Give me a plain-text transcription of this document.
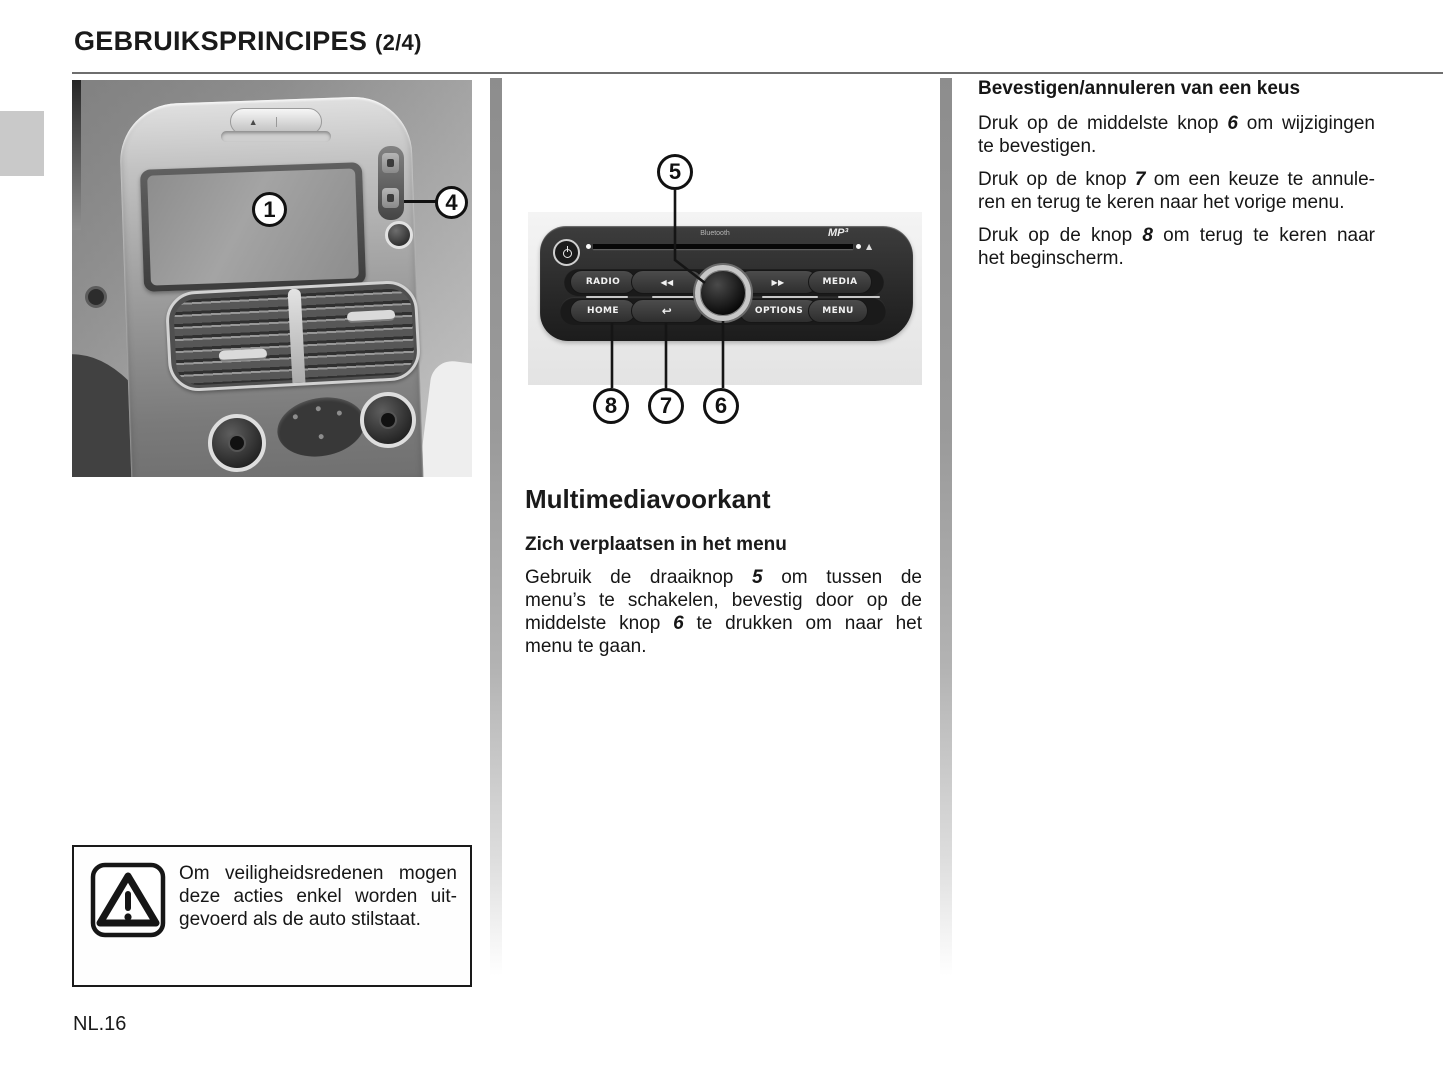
GEBRUIKSPRINCIPES (2/4)
▲
1	4
Bluetooth	MP³
▲
RADIO	◀◀	▶▶	MEDIA
HOME	↩	OPTIONS	MENU
5
8	7	6
Multimediavoorkant
Zich verplaatsen in het menu
Gebruik de draaiknop 5 om tussen de
menu’s te schakelen, bevestig door op de
middelste knop 6 te drukken om naar het
menu te gaan.
Bevestigen/annuleren van een keus

Druk op de middelste knop 6 om wijzigingen
te bevestigen.

Druk op de knop 7 om een keuze te annule-
ren en terug te keren naar het vorige menu.

Druk op de knop 8 om terug te keren naar
het beginscherm.

Om veiligheidsredenen mogen
deze acties enkel worden uit-
gevoerd als de auto stilstaat.
NL.16
